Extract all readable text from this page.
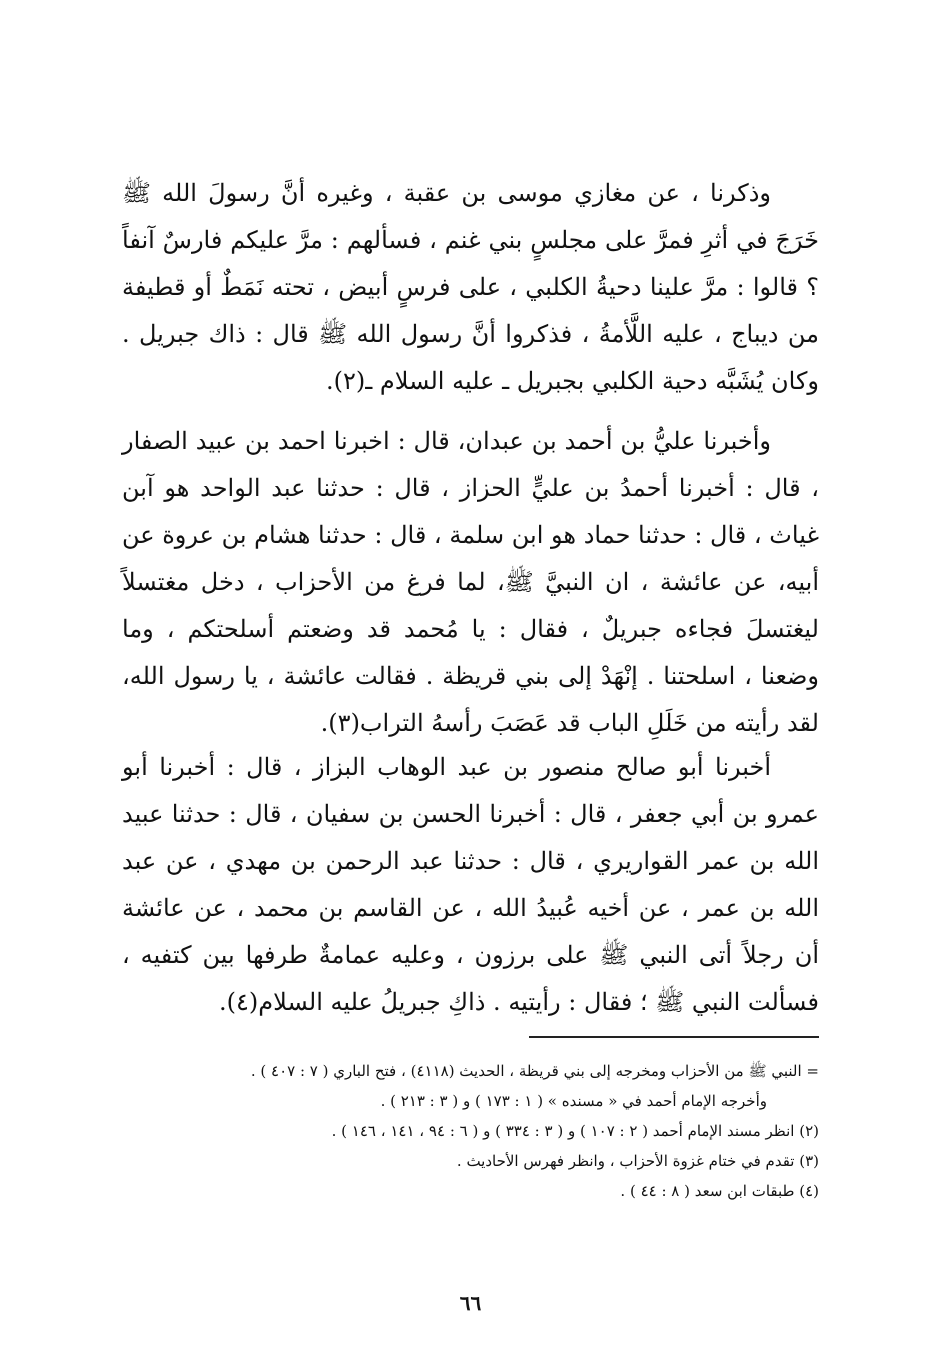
وذكرنا ، عن مغازي موسى بن عقبة ، وغيره أنَّ رسولَ الله ﷺ خَرَجَ في أثرِ فمرَّ على مجلسٍ بني غنم ، فسألهم : مرَّ عليكم فارسٌ آنفاً ؟ قالوا : مرَّ علينا دحيةُ الكلبي ، على فرسٍ أبيض ، تحته نَمَطٌ أو قطيفة من ديباج ، عليه اللَّأمةُ ، فذكروا أنَّ رسول الله ﷺ قال : ذاك جبريل . وكان يُشَبَّه دحية الكلبي بجبريل ـ عليه السلام ـ(٢).

وأخبرنا عليُّ بن أحمد بن عبدان، قال : اخبرنا احمد بن عبيد الصفار ، قال : أخبرنا أحمدُ بن عليٍّ الحزاز ، قال : حدثنا عبد الواحد هو آبن غياث ، قال : حدثنا حماد هو ابن سلمة ، قال : حدثنا هشام بن عروة عن أبيه، عن عائشة ، ان النبيَّ ﷺ، لما فرغ من الأحزاب ، دخل مغتسلاً ليغتسلَ فجاءه جبريلٌ ، فقال : يا مُحمد قد وضعتم أسلحتكم ، وما وضعنا ، اسلحتنا . إنْهَدْ إلى بني قريظة . فقالت عائشة ، يا رسول الله، لقد رأيته من خَلَلِ الباب قد عَصَبَ رأسهُ التراب(٣).

أخبرنا أبو صالح منصور بن عبد الوهاب البزاز ، قال : أخبرنا أبو عمرو بن أبي جعفر ، قال : أخبرنا الحسن بن سفيان ، قال : حدثنا عبيد الله بن عمر القواريري ، قال : حدثنا عبد الرحمن بن مهدي ، عن عبد الله بن عمر ، عن أخيه عُبيدُ الله ، عن القاسم بن محمد ، عن عائشة أن رجلاً أتى النبي ﷺ على برزون ، وعليه عمامةٌ طرفها بين كتفيه ، فسألت النبي ﷺ ؛ فقال : رأيتيه . ذاكِ جبريلُ عليه السلام(٤).

= النبي ﷺ من الأحزاب ومخرجه إلى بني قريظة ، الحديث (٤١١٨) ، فتح الباري ( ٧ : ٤٠٧ ) .

وأخرجه الإمام أحمد في « مسنده » ( ١ : ١٧٣ ) و ( ٣ : ٢١٣ ) .

(٢) انظر مسند الإمام أحمد ( ٢ : ١٠٧ ) و ( ٣ : ٣٣٤ ) و ( ٦ : ٩٤ ، ١٤١ ، ١٤٦ ) .

(٣) تقدم في ختام غزوة الأحزاب ، وانظر فهرس الأحاديث .

(٤) طبقات ابن سعد ( ٨ : ٤٤ ) .

٦٦
